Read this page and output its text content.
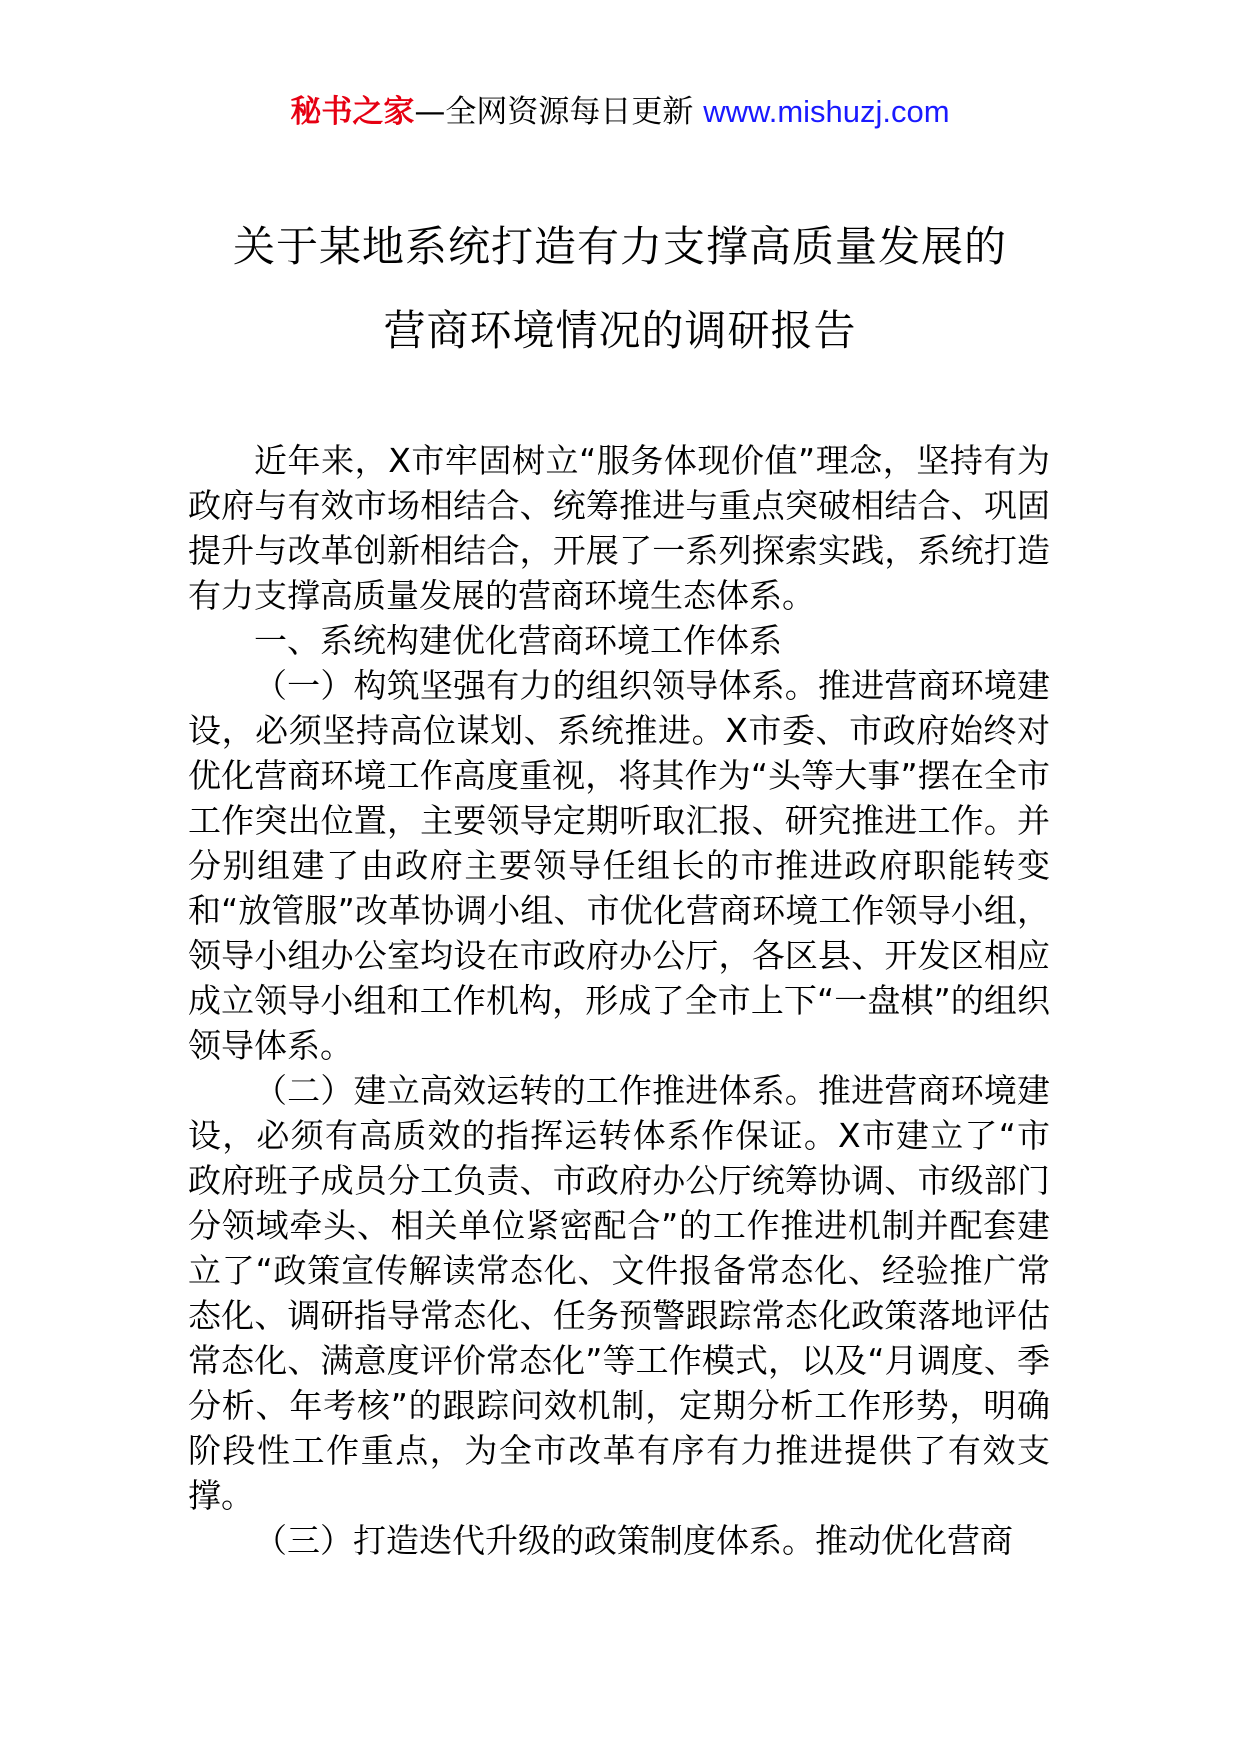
秘书之家—全网资源每日更新 www.mishuzj.com
关于某地系统打造有力支撑高质量发展的
营商环境情况的调研报告

近年来，X市牢固树立“服务体现价值”理念，坚持有为政府与有效市场相结合、统筹推进与重点突破相结合、巩固提升与改革创新相结合，开展了一系列探索实践，系统打造有力支撑高质量发展的营商环境生态体系。

一、系统构建优化营商环境工作体系

（一）构筑坚强有力的组织领导体系。推进营商环境建设，必须坚持高位谋划、系统推进。X市委、市政府始终对优化营商环境工作高度重视，将其作为“头等大事”摆在全市工作突出位置，主要领导定期听取汇报、研究推进工作。并分别组建了由政府主要领导任组长的市推进政府职能转变和“放管服”改革协调小组、市优化营商环境工作领导小组，领导小组办公室均设在市政府办公厅，各区县、开发区相应成立领导小组和工作机构，形成了全市上下“一盘棋”的组织领导体系。

（二）建立高效运转的工作推进体系。推进营商环境建设，必须有高质效的指挥运转体系作保证。X市建立了“市政府班子成员分工负责、市政府办公厅统筹协调、市级部门分领域牵头、相关单位紧密配合”的工作推进机制并配套建立了“政策宣传解读常态化、文件报备常态化、经验推广常态化、调研指导常态化、任务预警跟踪常态化政策落地评估常态化、满意度评价常态化”等工作模式，以及“月调度、季分析、年考核”的跟踪问效机制，定期分析工作形势，明确阶段性工作重点，为全市改革有序有力推进提供了有效支撑。

（三）打造迭代升级的政策制度体系。推动优化营商
